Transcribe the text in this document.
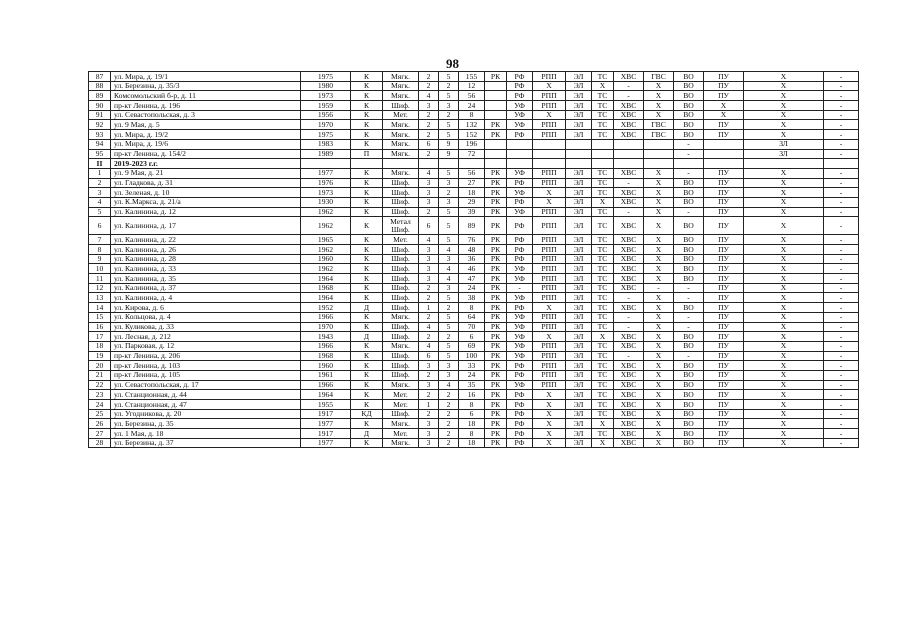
98
87	ул. Мира, д. 19/1	1975	К	Мягк.	2	5	155	РК	РФ	РПП	ЭЛ	ТС	ХВС	ГВС	ВО	ПУ	Х	-
88	ул. Березина, д. 35/3	1980	К	Мягк.	2	2	12		РФ	Х	ЭЛ	Х	-	Х	ВО	ПУ	Х	-
89	Комсомольский б-р, д. 11	1973	К	Мягк.	4	5	56		РФ	РПП	ЭЛ	ТС	-	Х	ВО	ПУ	Х	-
90	пр-кт Ленина, д. 196	1959	К	Шиф.	3	3	24		УФ	РПП	ЭЛ	ТС	ХВС	Х	ВО	Х	Х	-
91	ул. Севастопольская, д. 3	1956	К	Мет.	2	2	8		УФ	Х	ЭЛ	ТС	ХВС	Х	ВО	Х	Х	-
92	ул. 9 Мая, д. 5	1970	К	Мягк.	2	5	132	РК	УФ	РПП	ЭЛ	ТС	ХВС	ГВС	ВО	ПУ	Х	-
93	ул. Мира, д. 19/2	1975	К	Мягк.	2	5	152	РК	РФ	РПП	ЭЛ	ТС	ХВС	ГВС	ВО	ПУ	Х	-
94	ул. Мира, д. 19/6	1983	К	Мягк.	6	9	196								-		ЗЛ	-
95	пр-кт Ленина, д. 154/2	1989	П	Мягк.	2	9	72								-		ЗЛ	-
II	2019-2023 г.г.																	
1	ул. 9 Мая, д. 21	1977	К	Мягк.	4	5	56	РК	УФ	РПП	ЭЛ	ТС	ХВС	Х	-	ПУ	Х	-
2	ул. Гладкова, д. 31	1976	К	Шиф.	3	3	27	РК	РФ	РПП	ЭЛ	ТС	-	Х	ВО	ПУ	Х	-
3	ул. Зеленая, д. 10	1973	К	Шиф.	3	2	18	РК	УФ	Х	ЭЛ	ТС	ХВС	Х	ВО	ПУ	Х	-
4	ул. К.Маркса, д. 21/а	1930	К	Шиф.	3	3	29	РК	РФ	Х	ЭЛ	Х	ХВС	Х	ВО	ПУ	Х	-
5	ул. Калинина, д. 12	1962	К	Шиф.	2	5	39	РК	УФ	РПП	ЭЛ	ТС	-	Х	-	ПУ	Х	-
6	ул. Калинина, д. 17	1962	К	Метал Шиф.	6	5	89	РК	РФ	РПП	ЭЛ	ТС	ХВС	Х	ВО	ПУ	Х	-
7	ул. Калинина, д. 22	1965	К	Мет.	4	5	76	РК	РФ	РПП	ЭЛ	ТС	ХВС	Х	ВО	ПУ	Х	-
8	ул. Калинина, д. 26	1962	К	Шиф.	3	4	48	РК	РФ	РПП	ЭЛ	ТС	ХВС	Х	ВО	ПУ	Х	-
9	ул. Калинина, д. 28	1960	К	Шиф.	3	3	36	РК	РФ	РПП	ЭЛ	ТС	ХВС	Х	ВО	ПУ	Х	-
10	ул. Калинина, д. 33	1962	К	Шиф.	3	4	46	РК	УФ	РПП	ЭЛ	ТС	ХВС	Х	ВО	ПУ	Х	-
11	ул. Калинина, д. 35	1964	К	Шиф.	3	4	47	РК	УФ	РПП	ЭЛ	ТС	ХВС	Х	ВО	ПУ	Х	-
12	ул. Калинина, д. 37	1968	К	Шиф.	2	3	24	РК	-	РПП	ЭЛ	ТС	ХВС	-	-	ПУ	Х	-
13	ул. Калинина, д. 4	1964	К	Шиф.	2	5	38	РК	УФ	РПП	ЭЛ	ТС	-	Х	-	ПУ	Х	-
14	ул. Кирова, д. 6	1952	Д	Шиф.	1	2	8	РК	РФ	Х	ЭЛ	ТС	ХВС	Х	ВО	ПУ	Х	-
15	ул. Кольцова, д. 4	1966	К	Мягк.	2	5	64	РК	УФ	РПП	ЭЛ	ТС	-	Х	-	ПУ	Х	-
16	ул. Куликова, д. 33	1970	К	Шиф.	4	5	70	РК	УФ	РПП	ЭЛ	ТС	-	Х	-	ПУ	Х	-
17	ул. Лесная, д. 212	1943	Д	Шиф.	2	2	6	РК	УФ	Х	ЭЛ	Х	ХВС	Х	ВО	ПУ	Х	-
18	ул. Парковая, д. 12	1966	К	Мягк.	4	5	69	РК	УФ	РПП	ЭЛ	ТС	ХВС	Х	ВО	ПУ	Х	-
19	пр-кт Ленина, д. 206	1968	К	Шиф.	6	5	100	РК	УФ	РПП	ЭЛ	ТС	-	Х	-	ПУ	Х	-
20	пр-кт Ленина, д. 103	1960	К	Шиф.	3	3	33	РК	РФ	РПП	ЭЛ	ТС	ХВС	Х	ВО	ПУ	Х	-
21	пр-кт Ленина, д. 105	1961	К	Шиф.	2	3	24	РК	РФ	РПП	ЭЛ	ТС	ХВС	Х	ВО	ПУ	Х	-
22	ул. Севастопольская, д. 17	1966	К	Мягк.	3	4	35	РК	УФ	РПП	ЭЛ	ТС	ХВС	Х	ВО	ПУ	Х	-
23	ул. Станционная, д. 44	1964	К	Мет.	2	2	16	РК	РФ	Х	ЭЛ	ТС	ХВС	Х	ВО	ПУ	Х	-
24	ул. Станционная, д. 47	1955	К	Мет.	1	2	8	РК	РФ	Х	ЭЛ	ТС	ХВС	Х	ВО	ПУ	Х	-
25	ул. Угодникова, д. 20	1917	КД	Шиф.	2	2	6	РК	РФ	Х	ЭЛ	ТС	ХВС	Х	ВО	ПУ	Х	-
26	ул. Березина, д. 35	1977	К	Мягк.	3	2	18	РК	РФ	Х	ЭЛ	Х	ХВС	Х	ВО	ПУ	Х	-
27	ул. 1 Мая, д. 18	1917	Д	Мет.	3	2	8	РК	РФ	Х	ЭЛ	ТС	ХВС	Х	ВО	ПУ	Х	-
28	ул. Березина, д. 37	1977	К	Мягк.	3	2	18	РК	РФ	Х	ЭЛ	Х	ХВС	Х	ВО	ПУ	Х	-
